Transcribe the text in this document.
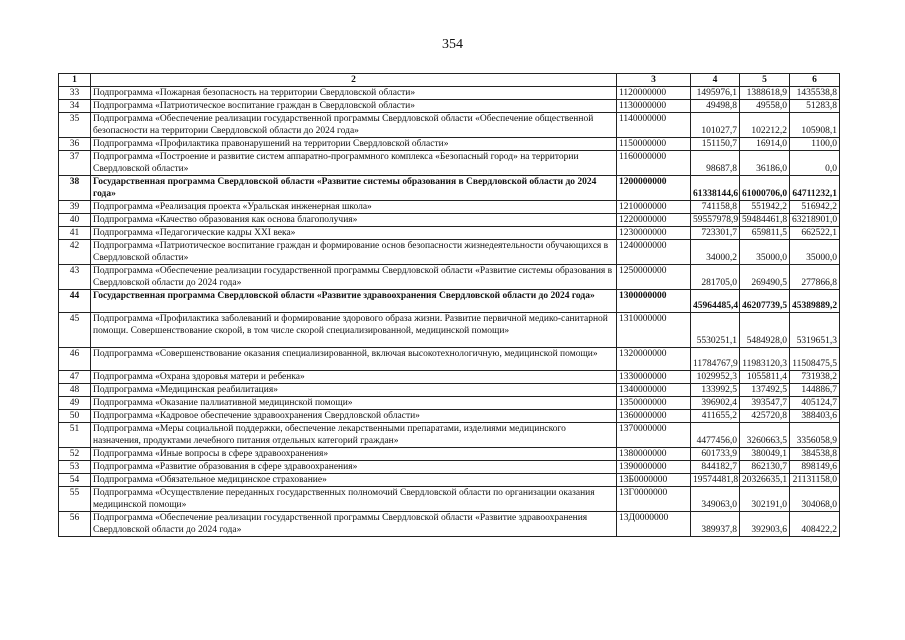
354
1	2	3	4	5	6
33	Подпрограмма «Пожарная безопасность на территории Свердловской области»	1120000000	1495976,1	1388618,9	1435538,8
34	Подпрограмма «Патриотическое воспитание граждан в Свердловской области»	1130000000	49498,8	49558,0	51283,8
35	Подпрограмма «Обеспечение реализации государственной программы Свердловской области «Обеспечение общественной безопасности на территории Свердловской области до 2024 года»	1140000000	101027,7	102212,2	105908,1
36	Подпрограмма «Профилактика правонарушений на территории Свердловской области»	1150000000	151150,7	16914,0	1100,0
37	Подпрограмма «Построение и развитие систем аппаратно-программного комплекса «Безопасный город» на территории Свердловской области»	1160000000	98687,8	36186,0	0,0
38	Государственная программа Свердловской области «Развитие системы образования в Свердловской области до 2024 года»	1200000000	61338144,6	61000706,0	64711232,1
39	Подпрограмма «Реализация проекта «Уральская инженерная школа»	1210000000	741158,8	551942,2	516942,2
40	Подпрограмма «Качество образования как основа благополучия»	1220000000	59557978,9	59484461,8	63218901,0
41	Подпрограмма «Педагогические кадры XXI века»	1230000000	723301,7	659811,5	662522,1
42	Подпрограмма «Патриотическое воспитание граждан и формирование основ безопасности жизнедеятельности обучающихся в Свердловской области»	1240000000	34000,2	35000,0	35000,0
43	Подпрограмма «Обеспечение реализации государственной программы Свердловской области «Развитие системы образования в Свердловской области до 2024 года»	1250000000	281705,0	269490,5	277866,8
44	Государственная программа Свердловской области «Развитие здравоохранения Свердловской области до 2024 года»	1300000000	45964485,4	46207739,5	45389889,2
45	Подпрограмма «Профилактика заболеваний и формирование здорового образа жизни. Развитие первичной медико-санитарной помощи. Совершенствование скорой, в том числе скорой специализированной, медицинской помощи»	1310000000	5530251,1	5484928,0	5319651,3
46	Подпрограмма «Совершенствование оказания специализированной, включая высокотехнологичную, медицинской помощи»	1320000000	11784767,9	11983120,3	11508475,5
47	Подпрограмма «Охрана здоровья матери и ребенка»	1330000000	1029952,3	1055811,4	731938,2
48	Подпрограмма «Медицинская реабилитация»	1340000000	133992,5	137492,5	144886,7
49	Подпрограмма «Оказание паллиативной медицинской помощи»	1350000000	396902,4	393547,7	405124,7
50	Подпрограмма «Кадровое обеспечение здравоохранения Свердловской области»	1360000000	411655,2	425720,8	388403,6
51	Подпрограмма «Меры социальной поддержки, обеспечение лекарственными препаратами, изделиями медицинского назначения, продуктами лечебного питания отдельных категорий граждан»	1370000000	4477456,0	3260663,5	3356058,9
52	Подпрограмма «Иные вопросы в сфере здравоохранения»	1380000000	601733,9	380049,1	384538,8
53	Подпрограмма «Развитие образования в сфере здравоохранения»	1390000000	844182,7	862130,7	898149,6
54	Подпрограмма «Обязательное медицинское страхование»	13Б0000000	19574481,8	20326635,1	21131158,0
55	Подпрограмма «Осуществление переданных государственных полномочий Свердловской области по организации оказания медицинской помощи»	13Г0000000	349063,0	302191,0	304068,0
56	Подпрограмма «Обеспечение реализации государственной программы Свердловской области «Развитие здравоохранения Свердловской области до 2024 года»	13Д0000000	389937,8	392903,6	408422,2
